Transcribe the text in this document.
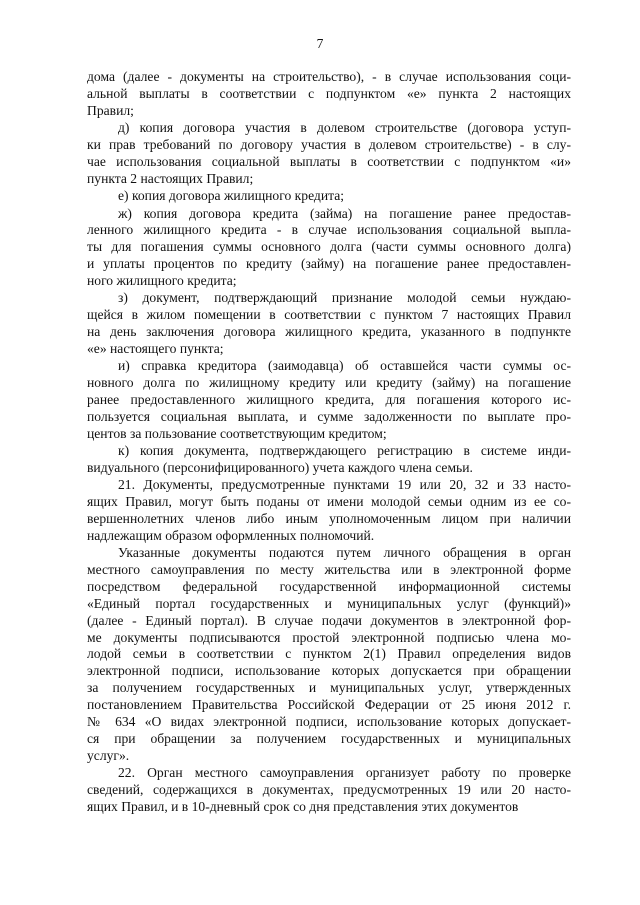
7
дома (далее - документы на строительство), - в случае использования соци-
альной выплаты в соответствии с подпунктом «е» пункта 2 настоящих
Правил;
д) копия договора участия в долевом строительстве (договора уступ-
ки прав требований по договору участия в долевом строительстве) - в слу-
чае использования социальной выплаты в соответствии с подпунктом «и»
пункта 2 настоящих Правил;
е) копия договора жилищного кредита;
ж) копия договора кредита (займа) на погашение ранее предостав-
ленного жилищного кредита - в случае использования социальной выпла-
ты для погашения суммы основного долга (части суммы основного долга)
и уплаты процентов по кредиту (займу) на погашение ранее предоставлен-
ного жилищного кредита;
з) документ, подтверждающий признание молодой семьи нуждаю-
щейся в жилом помещении в соответствии с пунктом 7 настоящих Правил
на день заключения договора жилищного кредита, указанного в подпункте
«е» настоящего пункта;
и) справка кредитора (заимодавца) об оставшейся части суммы ос-
новного долга по жилищному кредиту или кредиту (займу) на погашение
ранее предоставленного жилищного кредита, для погашения которого ис-
пользуется социальная выплата, и сумме задолженности по выплате про-
центов за пользование соответствующим кредитом;
к) копия документа, подтверждающего регистрацию в системе инди-
видуального (персонифицированного) учета каждого члена семьи.
21. Документы, предусмотренные пунктами 19 или 20, 32 и 33 насто-
ящих Правил, могут быть поданы от имени молодой семьи одним из ее со-
вершеннолетних членов либо иным уполномоченным лицом при наличии
надлежащим образом оформленных полномочий.
Указанные документы подаются путем личного обращения в орган
местного самоуправления по месту жительства или в электронной форме
посредством федеральной государственной информационной системы
«Единый портал государственных и муниципальных услуг (функций)»
(далее - Единый портал). В случае подачи документов в электронной фор-
ме документы подписываются простой электронной подписью члена мо-
лодой семьи в соответствии с пунктом 2(1) Правил определения видов
электронной подписи, использование которых допускается при обращении
за получением государственных и муниципальных услуг, утвержденных
постановлением Правительства Российской Федерации от 25 июня 2012 г.
№ 634 «О видах электронной подписи, использование которых допускает-
ся при обращении за получением государственных и муниципальных
услуг».
22. Орган местного самоуправления организует работу по проверке
сведений, содержащихся в документах, предусмотренных 19 или 20 насто-
ящих Правил, и в 10-дневный срок со дня представления этих документов
